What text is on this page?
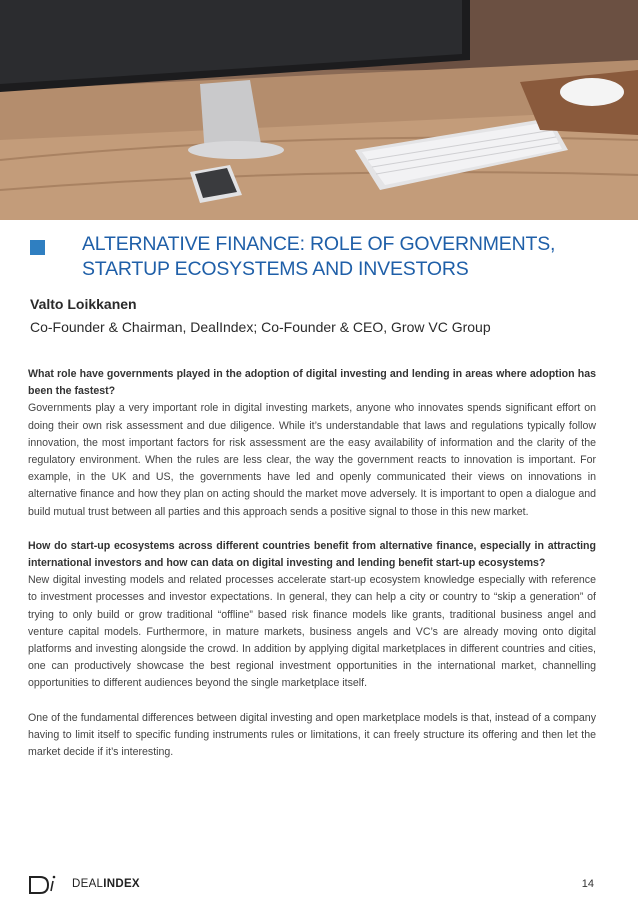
ALTERNATIVE FINANCE: ROLE OF GOVERNMENTS,
STARTUP ECOSYSTEMS AND INVESTORS
Valto Loikkanen
Co-Founder & Chairman, DealIndex; Co-Founder & CEO, Grow VC Group

What role have governments played in the adoption of digital investing and lending in areas where adoption has been the fastest?

Governments play a very important role in digital investing markets, anyone who innovates spends significant effort on doing their own risk assessment and due diligence. While it’s understandable that laws and regulations typically follow innovation, the most important factors for risk assessment are the easy availability of information and the clarity of the regulatory environment. When the rules are less clear, the way the government reacts to innovation is important. For example, in the UK and US, the governments have led and openly communicated their views on innovations in alternative finance and how they plan on acting should the market move adversely. It is important to open a dialogue and build mutual trust between all parties and this approach sends a positive signal to those in this new market.

How do start-up ecosystems across different countries benefit from alternative finance, especially in attracting international investors and how can data on digital investing and lending benefit start-up ecosystems?

New digital investing models and related processes accelerate start-up ecosystem knowledge especially with reference to investment processes and investor expectations. In general, they can help a city or country to “skip a generation” of trying to only build or grow traditional “offline” based risk finance models like grants, traditional business angel and venture capital models. Furthermore, in mature markets, business angels and VC’s are already moving onto digital platforms and investing alongside the crowd. In addition by applying digital marketplaces in different countries and cities, one can productively showcase the best regional investment opportunities in the international market, channelling opportunities to different audiences beyond the single marketplace itself.

One of the fundamental differences between digital investing and open marketplace models is that, instead of a company having to limit itself to specific funding instruments rules or limitations, it can freely structure its offering and then let the market decide if it’s interesting.

DEALINDEX	14
